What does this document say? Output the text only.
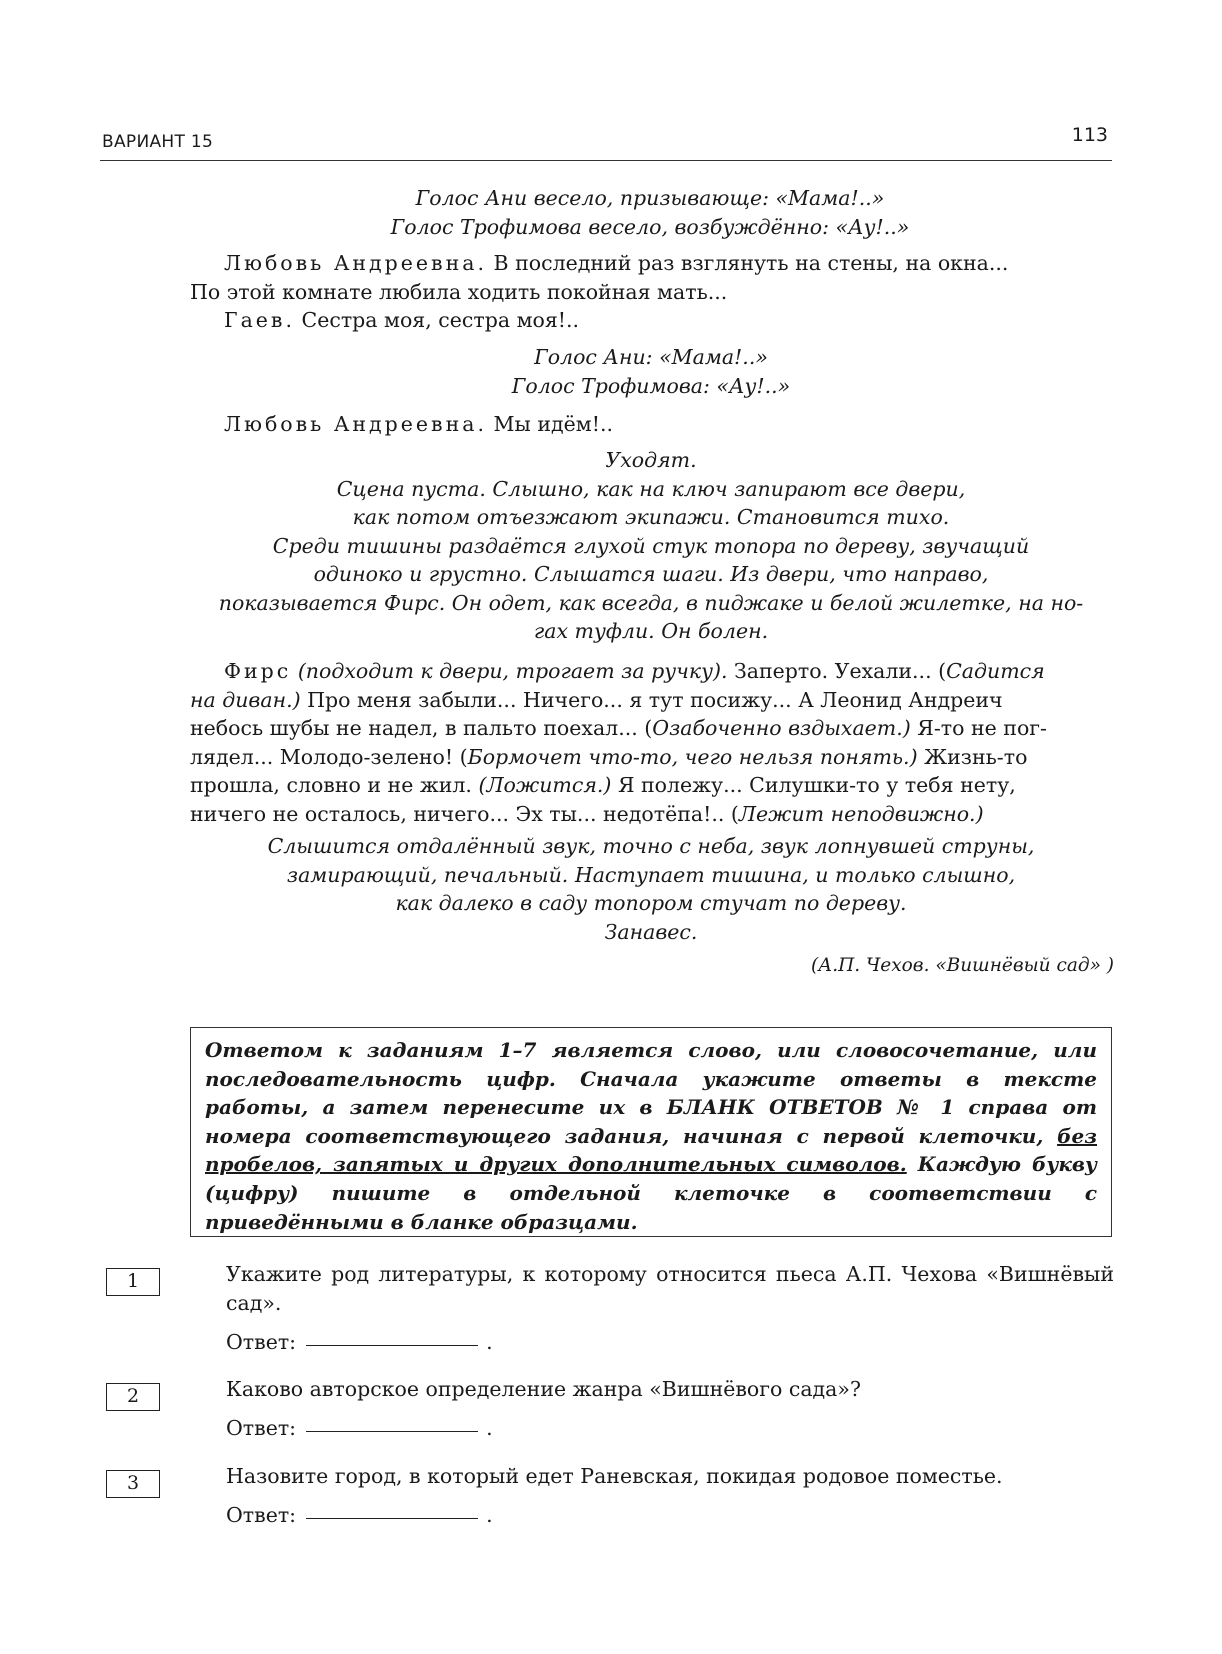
ВАРИАНТ 15	113
Голос Ани весело, призывающе: «Мама!..»
Голос Трофимова весело, возбуждённо: «Ау!..»
Любовь Андреевна. В последний раз взглянуть на стены, на окна...
По этой комнате любила ходить покойная мать...
Гаев. Сестра моя, сестра моя!..
Голос Ани: «Мама!..»
Голос Трофимова: «Ау!..»
Любовь Андреевна. Мы идём!..
Уходят.
Сцена пуста. Слышно, как на ключ запирают все двери,
как потом отъезжают экипажи. Становится тихо.
Среди тишины раздаётся глухой стук топора по дереву, звучащий
одиноко и грустно. Слышатся шаги. Из двери, что направо,
показывается Фирс. Он одет, как всегда, в пиджаке и белой жилетке, на но-
гах туфли. Он болен.
Фирс (подходит к двери, трогает за ручку). Заперто. Уехали... (Садится
на диван.) Про меня забыли... Ничего... я тут посижу... А Леонид Андреич
небось шубы не надел, в пальто поехал... (Озабоченно вздыхает.) Я-то не пог-
лядел... Молодо-зелено! (Бормочет что-то, чего нельзя понять.) Жизнь-то
прошла, словно и не жил. (Ложится.) Я полежу... Силушки-то у тебя нету,
ничего не осталось, ничего... Эх ты... недотёпа!.. (Лежит неподвижно.)
Слышится отдалённый звук, точно с неба, звук лопнувшей струны,
замирающий, печальный. Наступает тишина, и только слышно,
как далеко в саду топором стучат по дереву.
Занавес.
(А.П. Чехов. «Вишнёвый сад» )
Ответом к заданиям 1–7 является слово, или словосочетание, или последовательность цифр. Сначала укажите ответы в тексте работы, а затем перенесите их в БЛАНК ОТВЕТОВ № 1 справа от номера соответствующего задания, начиная с первой клеточки, без пробелов, запятых и других дополнительных символов. Каждую букву (цифру) пишите в отдельной клеточке в соответствии с приведёнными в бланке образцами.
1	Укажите род литературы, к которому относится пьеса А.П. Чехова «Вишнёвый сад».
Ответ:	.
2	Каково авторское определение жанра «Вишнёвого сада»?
Ответ:	.
3	Назовите город, в который едет Раневская, покидая родовое поместье.
Ответ:	.
